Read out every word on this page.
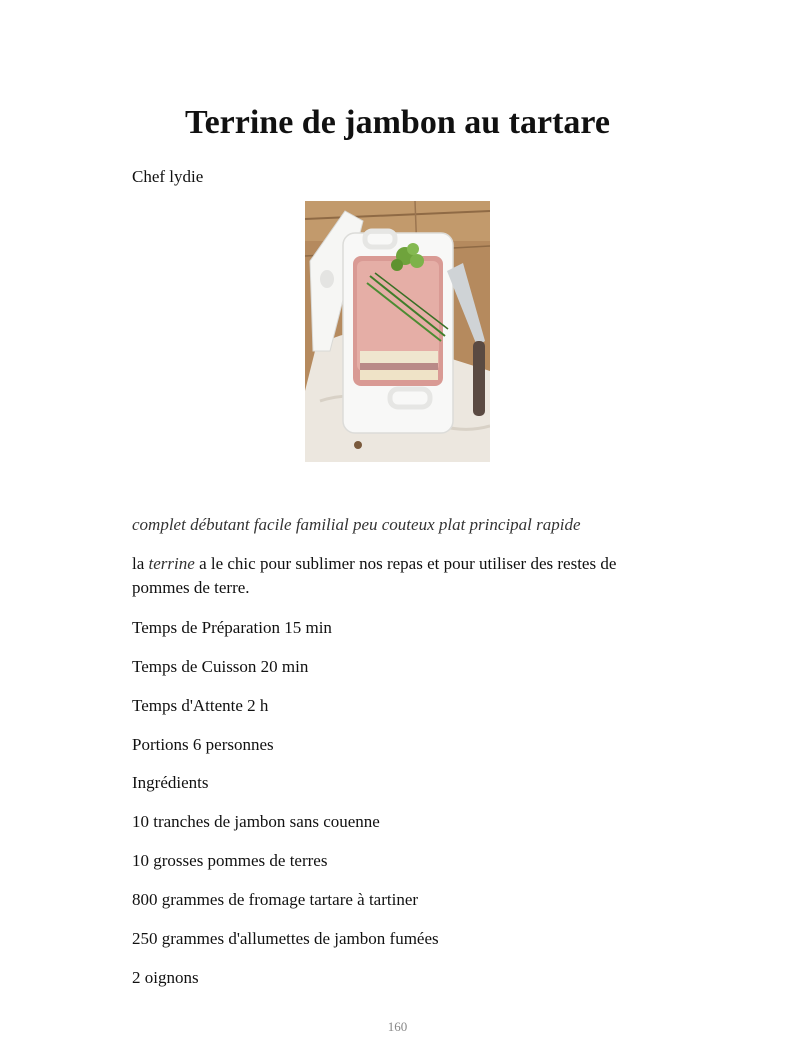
Terrine de jambon au tartare
Chef lydie

complet débutant facile familial peu couteux plat principal rapide

la terrine a le chic pour sublimer nos repas et pour utiliser des restes de pommes de terre.

Temps de Préparation 15 min

Temps de Cuisson 20 min

Temps d'Attente 2 h

Portions 6 personnes

Ingrédients

10 tranches de jambon sans couenne

10 grosses pommes de terres

800 grammes de fromage tartare à tartiner

250 grammes d'allumettes de jambon fumées

2 oignons

160
